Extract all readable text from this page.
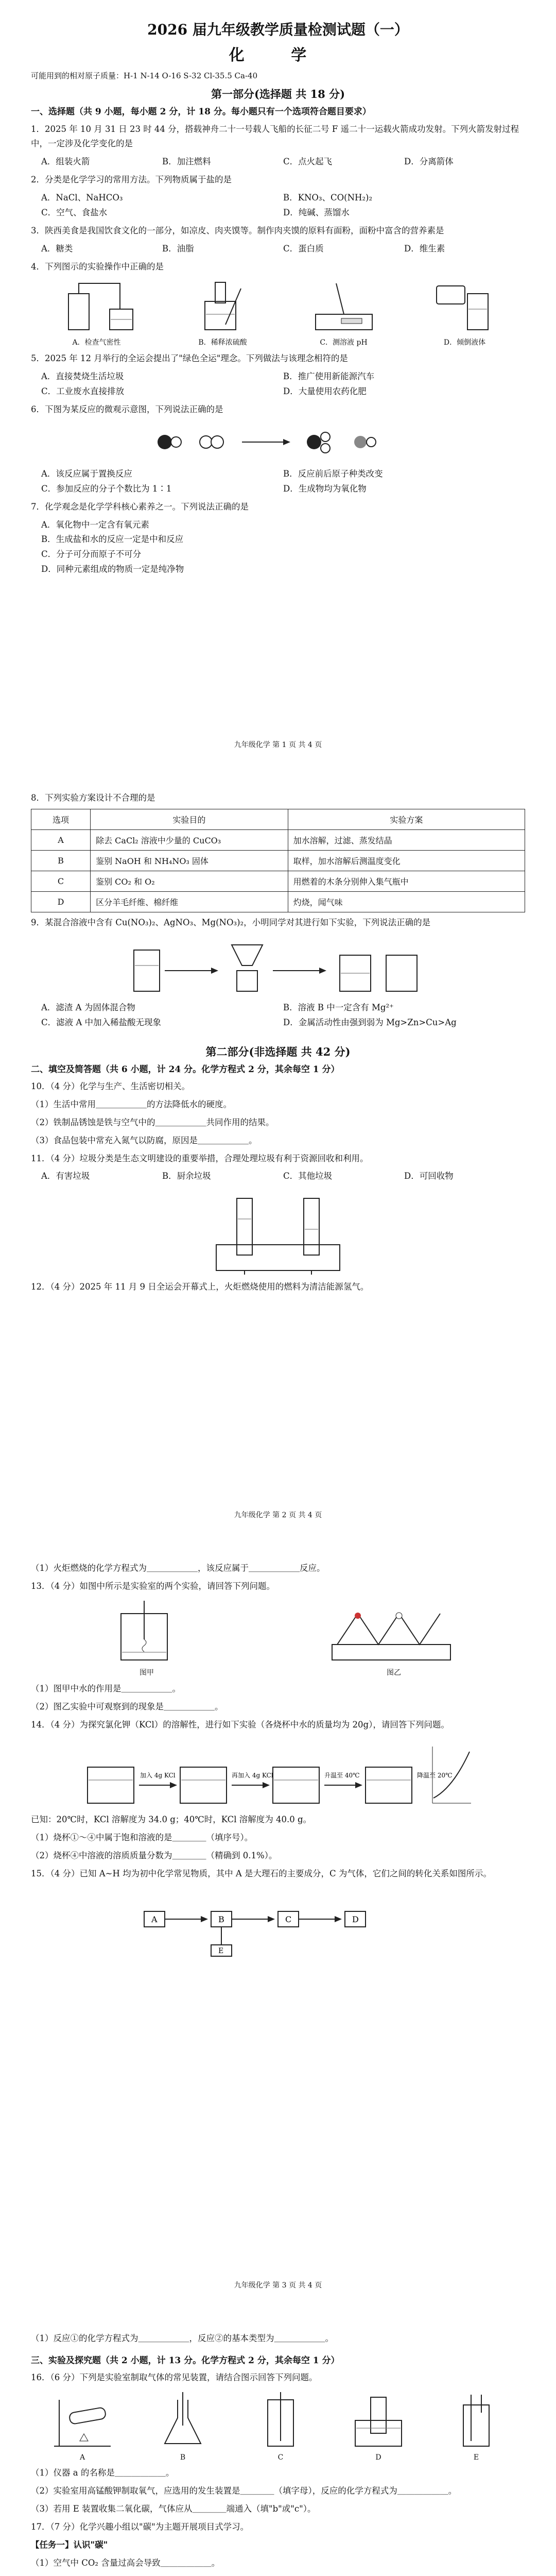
2026 届九年级教学质量检测试题（一）
化 学
可能用到的相对原子质量：H-1 N-14 O-16 S-32 Cl-35.5 Ca-40
第一部分(选择题 共 18 分)
一、选择题（共 9 小题，每小题 2 分，计 18 分。每小题只有一个选项符合题目要求）
1．2025 年 10 月 31 日 23 时 44 分，搭载神舟二十一号载人飞船的长征二号 F 遥二十一运载火箭成功发射。下列火箭发射过程中，一定涉及化学变化的是
A．组装火箭	B．加注燃料	C．点火起飞	D．分离箭体
2．分类是化学学习的常用方法。下列物质属于盐的是
A．NaCl、NaHCO₃	B．KNO₃、CO(NH₂)₂
C．空气、食盐水	D．纯碱、蒸馏水
3．陕西美食是我国饮食文化的一部分，如凉皮、肉夹馍等。制作肉夹馍的原料有面粉，面粉中富含的营养素是
A．糖类	B．油脂	C．蛋白质	D．维生素
4．下列图示的实验操作中正确的是
A．检查气密性	B．稀释浓硫酸	C．测溶液 pH	D．倾倒液体
5．2025 年 12 月举行的全运会提出了"绿色全运"理念。下列做法与该理念相符的是
A．直接焚烧生活垃圾	B．推广使用新能源汽车
C．工业废水直接排放	D．大量使用农药化肥
6．下图为某反应的微观示意图，下列说法正确的是
A．该反应属于置换反应	B．反应前后原子种类改变
C．参加反应的分子个数比为 1∶1	D．生成物均为氧化物
7．化学观念是化学学科核心素养之一。下列说法正确的是
A．氧化物中一定含有氧元素
B．生成盐和水的反应一定是中和反应
C．分子可分而原子不可分
D．同种元素组成的物质一定是纯净物
九年级化学 第 1 页 共 4 页
8．下列实验方案设计不合理的是
选项	实验目的	实验方案
A	除去 CaCl₂ 溶液中少量的 CuCO₃	加水溶解，过滤、蒸发结晶
B	鉴别 NaOH 和 NH₄NO₃ 固体	取样，加水溶解后测温度变化
C	鉴别 CO₂ 和 O₂	用燃着的木条分别伸入集气瓶中
D	区分羊毛纤维、棉纤维	灼烧，闻气味
9．某混合溶液中含有 Cu(NO₃)₂、AgNO₃、Mg(NO₃)₂，小明同学对其进行如下实验，下列说法正确的是
A．滤渣 A 为固体混合物	B．溶液 B 中一定含有 Mg²⁺
C．滤液 A 中加入稀盐酸无现象	D．金属活动性由强到弱为 Mg>Zn>Cu>Ag
第二部分(非选择题 共 42 分)
二、填空及简答题（共 6 小题，计 24 分。化学方程式 2 分，其余每空 1 分）
10．（4 分）化学与生产、生活密切相关。
（1）生活中常用＿＿＿＿＿＿的方法降低水的硬度。
（2）铁制品锈蚀是铁与空气中的＿＿＿＿＿＿共同作用的结果。
（3）食品包装中常充入氮气以防腐，原因是＿＿＿＿＿＿。
11．（4 分）垃圾分类是生态文明建设的重要举措，合理处理垃圾有利于资源回收和利用。
A．有害垃圾	B．厨余垃圾	C．其他垃圾	D．可回收物
12．（4 分）2025 年 11 月 9 日全运会开幕式上，火炬燃烧使用的燃料为清洁能源氢气。
九年级化学 第 2 页 共 4 页
（1）火炬燃烧的化学方程式为＿＿＿＿＿＿，该反应属于＿＿＿＿＿＿反应。
13．（4 分）如图中所示是实验室的两个实验，请回答下列问题。
图甲	图乙
（1）图甲中水的作用是＿＿＿＿＿＿。
（2）图乙实验中可观察到的现象是＿＿＿＿＿＿。
14．（4 分）为探究氯化钾（KCl）的溶解性，进行如下实验（各烧杯中水的质量均为 20g），请回答下列问题。
加入 4g KCl	再加入 4g KCl	升温至 40℃	降温至 20℃
已知：20℃时，KCl 溶解度为 34.0 g；40℃时，KCl 溶解度为 40.0 g。
（1）烧杯①～④中属于饱和溶液的是＿＿＿＿（填序号）。
（2）烧杯④中溶液的溶质质量分数为＿＿＿＿（精确到 0.1%）。
15．（4 分）已知 A~H 均为初中化学常见物质，其中 A 是大理石的主要成分，C 为气体，它们之间的转化关系如图所示。
A	B	C	D
E
九年级化学 第 3 页 共 4 页
（1）反应①的化学方程式为＿＿＿＿＿＿，反应②的基本类型为＿＿＿＿＿＿。
三、实验及探究题（共 2 小题，计 13 分。化学方程式 2 分，其余每空 1 分）
16．（6 分）下列是实验室制取气体的常见装置，请结合图示回答下列问题。
A	B	C	D	E
（1）仪器 a 的名称是＿＿＿＿＿＿。
（2）实验室用高锰酸钾制取氧气，应选用的发生装置是＿＿＿＿（填字母），反应的化学方程式为＿＿＿＿＿＿。
（3）若用 E 装置收集二氧化碳，气体应从＿＿＿＿端通入（填"b"或"c"）。
17．（7 分）化学兴趣小组以"碳"为主题开展项目式学习。
【任务一】认识"碳"
（1）空气中 CO₂ 含量过高会导致＿＿＿＿＿＿。
